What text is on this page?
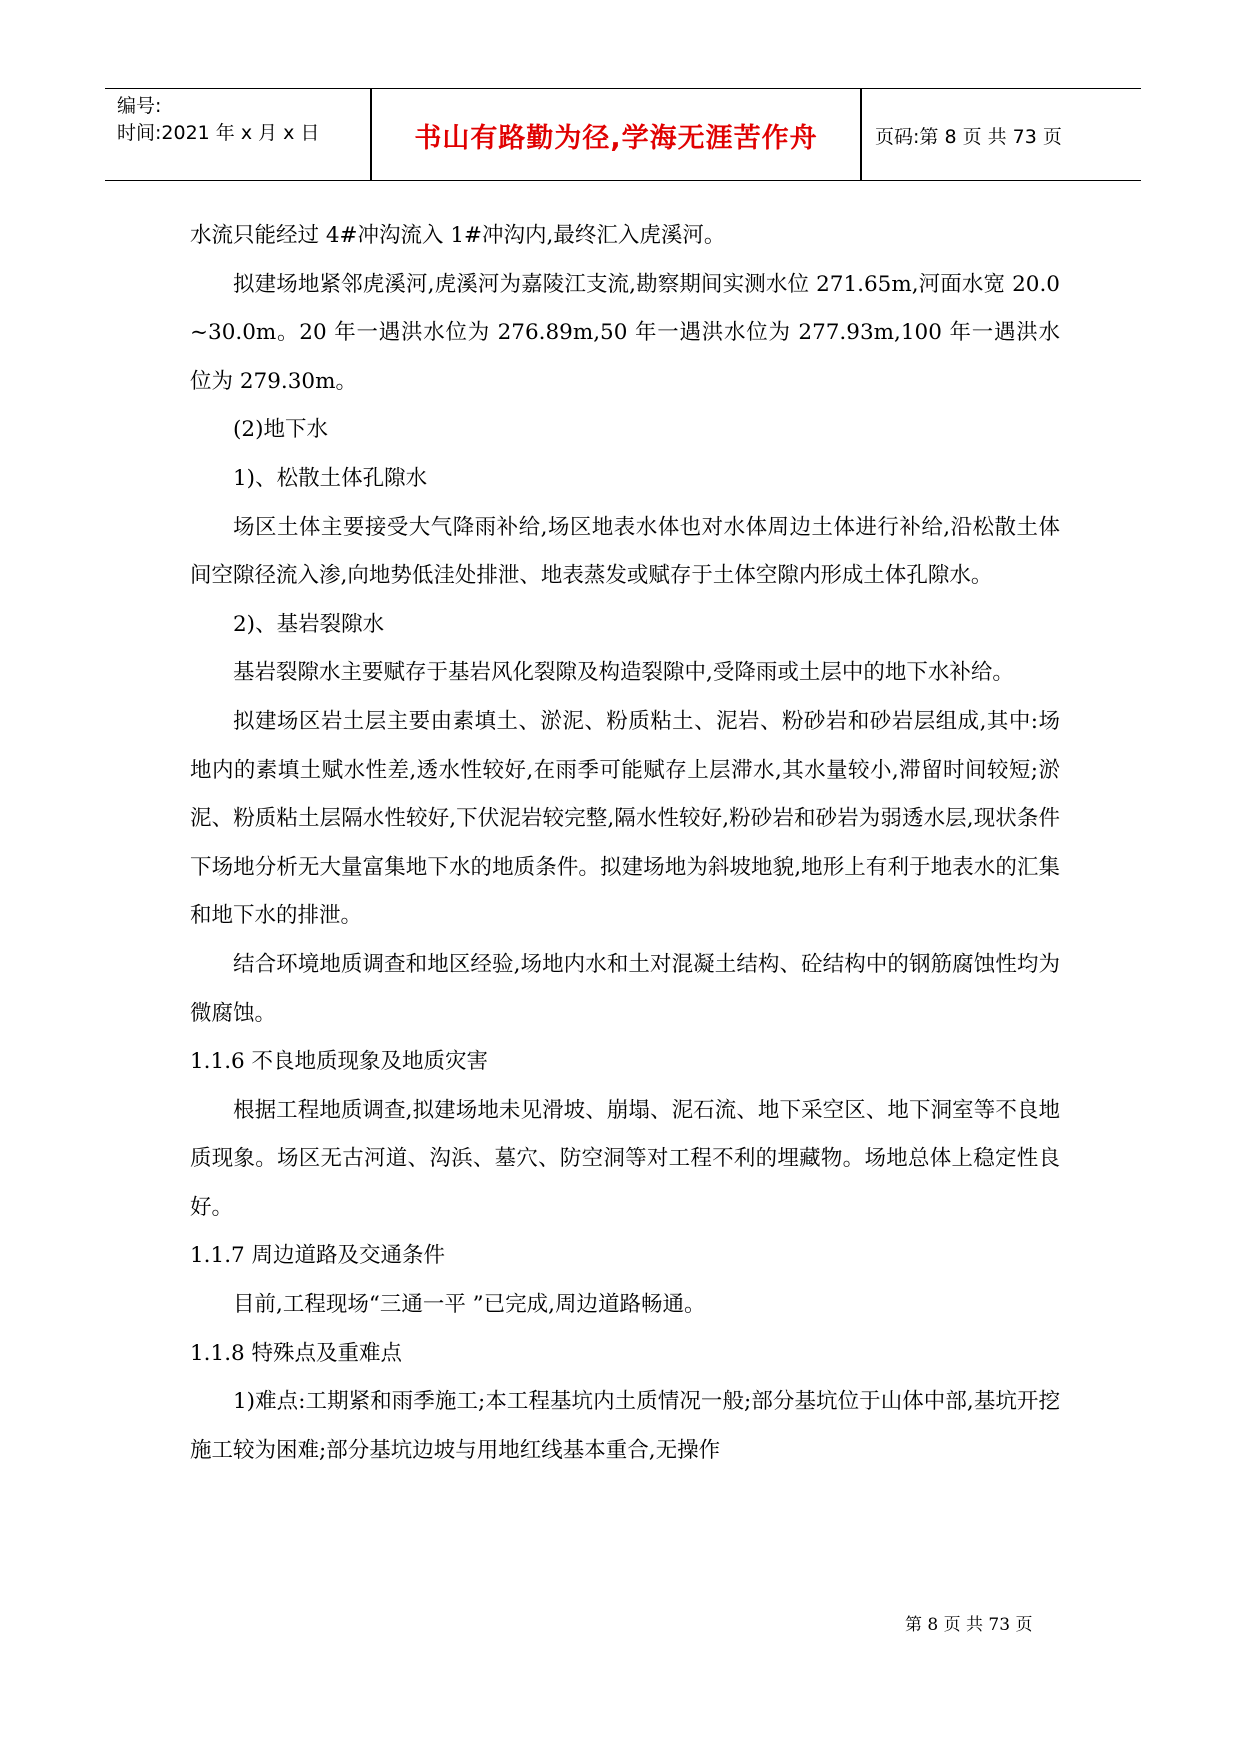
编号:
时间:2021 年 x 月 x 日	书山有路勤为径,学海无涯苦作舟	页码:第 8 页 共 73 页

水流只能经过 4#冲沟流入 1#冲沟内,最终汇入虎溪河。

拟建场地紧邻虎溪河,虎溪河为嘉陵江支流,勘察期间实测水位 271.65m,河面水宽 20.0~30.0m。20 年一遇洪水位为 276.89m,50 年一遇洪水位为 277.93m,100 年一遇洪水位为 279.30m。

(2)地下水

1)、松散土体孔隙水

场区土体主要接受大气降雨补给,场区地表水体也对水体周边土体进行补给,沿松散土体间空隙径流入渗,向地势低洼处排泄、地表蒸发或赋存于土体空隙内形成土体孔隙水。

2)、基岩裂隙水

基岩裂隙水主要赋存于基岩风化裂隙及构造裂隙中,受降雨或土层中的地下水补给。

拟建场区岩土层主要由素填土、淤泥、粉质粘土、泥岩、粉砂岩和砂岩层组成,其中:场地内的素填土赋水性差,透水性较好,在雨季可能赋存上层滞水,其水量较小,滞留时间较短;淤泥、粉质粘土层隔水性较好,下伏泥岩较完整,隔水性较好,粉砂岩和砂岩为弱透水层,现状条件下场地分析无大量富集地下水的地质条件。拟建场地为斜坡地貌,地形上有利于地表水的汇集和地下水的排泄。

结合环境地质调查和地区经验,场地内水和土对混凝土结构、砼结构中的钢筋腐蚀性均为微腐蚀。

1.1.6 不良地质现象及地质灾害

根据工程地质调查,拟建场地未见滑坡、崩塌、泥石流、地下采空区、地下洞室等不良地质现象。场区无古河道、沟浜、墓穴、防空洞等对工程不利的埋藏物。场地总体上稳定性良好。

1.1.7 周边道路及交通条件

目前,工程现场“三通一平 ”已完成,周边道路畅通。

1.1.8 特殊点及重难点

1)难点:工期紧和雨季施工;本工程基坑内土质情况一般;部分基坑位于山体中部,基坑开挖施工较为困难;部分基坑边坡与用地红线基本重合,无操作

第 8 页 共 73 页
